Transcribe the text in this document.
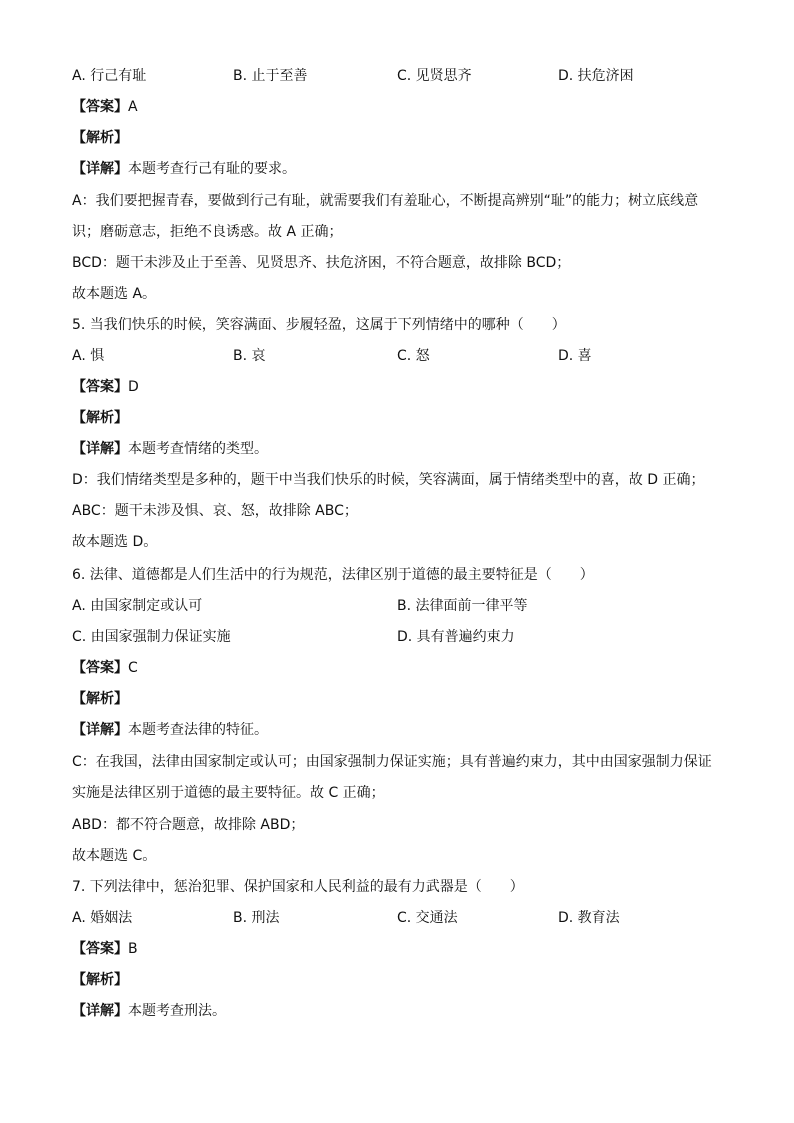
A. 行己有耻	B. 止于至善	C. 见贤思齐	D. 扶危济困
【答案】A
【解析】
【详解】本题考查行己有耻的要求。
A：我们要把握青春，要做到行己有耻，就需要我们有羞耻心，不断提高辨别“耻”的能力；树立底线意识；磨砺意志，拒绝不良诱惑。故 A 正确；
BCD：题干未涉及止于至善、见贤思齐、扶危济困，不符合题意，故排除 BCD；
故本题选 A。
5. 当我们快乐的时候，笑容满面、步履轻盈，这属于下列情绪中的哪种（　　）
A. 惧	B. 哀	C. 怒	D. 喜
【答案】D
【解析】
【详解】本题考查情绪的类型。
D：我们情绪类型是多种的，题干中当我们快乐的时候，笑容满面，属于情绪类型中的喜，故 D 正确；
ABC：题干未涉及惧、哀、怒，故排除 ABC；
故本题选 D。
6. 法律、道德都是人们生活中的行为规范，法律区别于道德的最主要特征是（　　）
A. 由国家制定或认可	B. 法律面前一律平等
C. 由国家强制力保证实施	D. 具有普遍约束力
【答案】C
【解析】
【详解】本题考查法律的特征。
C：在我国，法律由国家制定或认可；由国家强制力保证实施；具有普遍约束力，其中由国家强制力保证实施是法律区别于道德的最主要特征。故 C 正确；
ABD：都不符合题意，故排除 ABD；
故本题选 C。
7. 下列法律中，惩治犯罪、保护国家和人民利益的最有力武器是（　　）
A. 婚姻法	B. 刑法	C. 交通法	D. 教育法
【答案】B
【解析】
【详解】本题考查刑法。
